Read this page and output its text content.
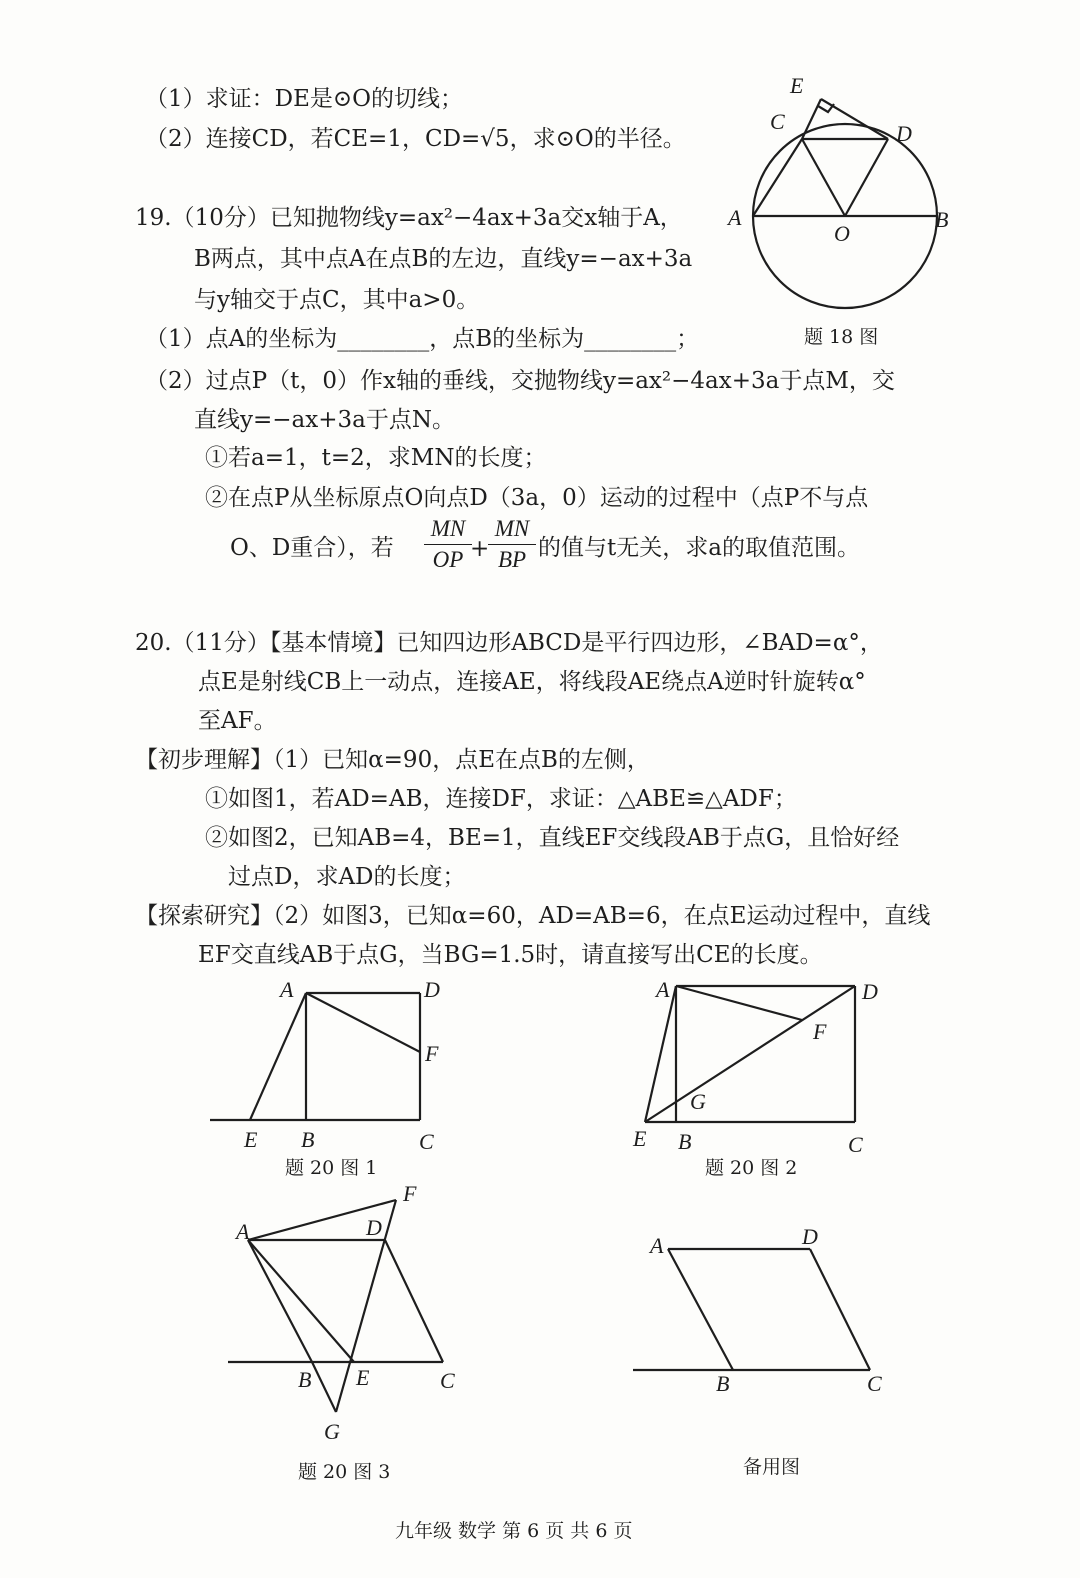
（1）求证：DE是⊙O的切线；
（2）连接CD，若CE=1，CD=√5，求⊙O的半径。
E
C	D
A
O
B
题 18 图
19.（10分）已知抛物线y=ax²−4ax+3a交x轴于A，
B两点，其中点A在点B的左边，直线y=−ax+3a
与y轴交于点C，其中a>0。
（1）点A的坐标为________，点B的坐标为________；
（2）过点P（t，0）作x轴的垂线，交抛物线y=ax²−4ax+3a于点M，交
直线y=−ax+3a于点N。
①若a=1，t=2，求MN的长度；
②在点P从坐标原点O向点D（3a，0）运动的过程中（点P不与点
O、D重合），若
MN
OP +
MN
BP 的值与t无关，求a的取值范围。
20.（11分）【基本情境】已知四边形ABCD是平行四边形，∠BAD=α°，
点E是射线CB上一动点，连接AE，将线段AE绕点A逆时针旋转α°
至AF。
【初步理解】（1）已知α=90，点E在点B的左侧，
①如图1，若AD=AB，连接DF，求证：△ABE≌△ADF；
②如图2，已知AB=4，BE=1，直线EF交线段AB于点G，且恰好经
过点D，求AD的长度；
【探索研究】（2）如图3，已知α=60，AD=AB=6，在点E运动过程中，直线
EF交直线AB于点G，当BG=1.5时，请直接写出CE的长度。
A	D
F
E B	C
题 20 图 1
A	D
F
G
E B	C
题 20 图 2
F
A	D
B E	C
G
题 20 图 3
A	D
B	C
备用图
九年级 数学 第 6 页 共 6 页
